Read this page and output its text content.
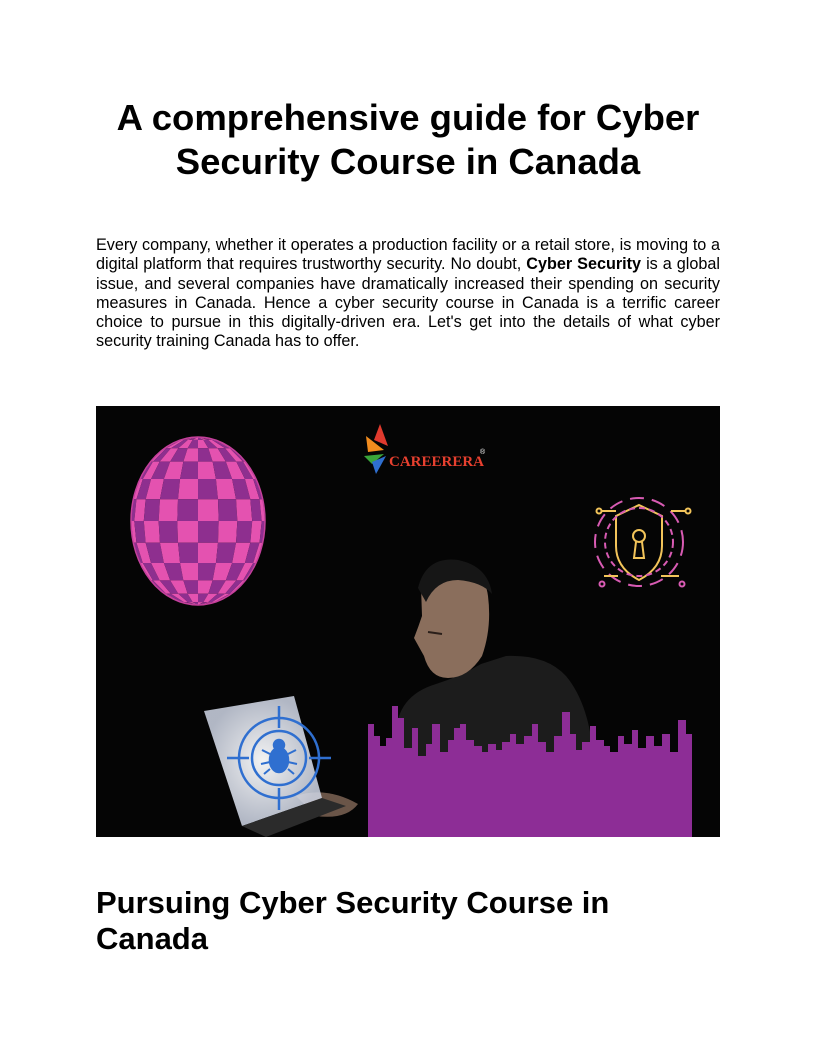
A comprehensive guide for Cyber Security Course in Canada

Every company, whether it operates a production facility or a retail store, is moving to a digital platform that requires trustworthy security. No doubt, Cyber Security is a global issue, and several companies have dramatically increased their spending on security measures in Canada. Hence a cyber security course in Canada is a terrific career choice to pursue in this digitally-driven era. Let's get into the details of what cyber security training Canada has to offer.

CAREERERA
®
Pursuing Cyber Security Course in Canada
